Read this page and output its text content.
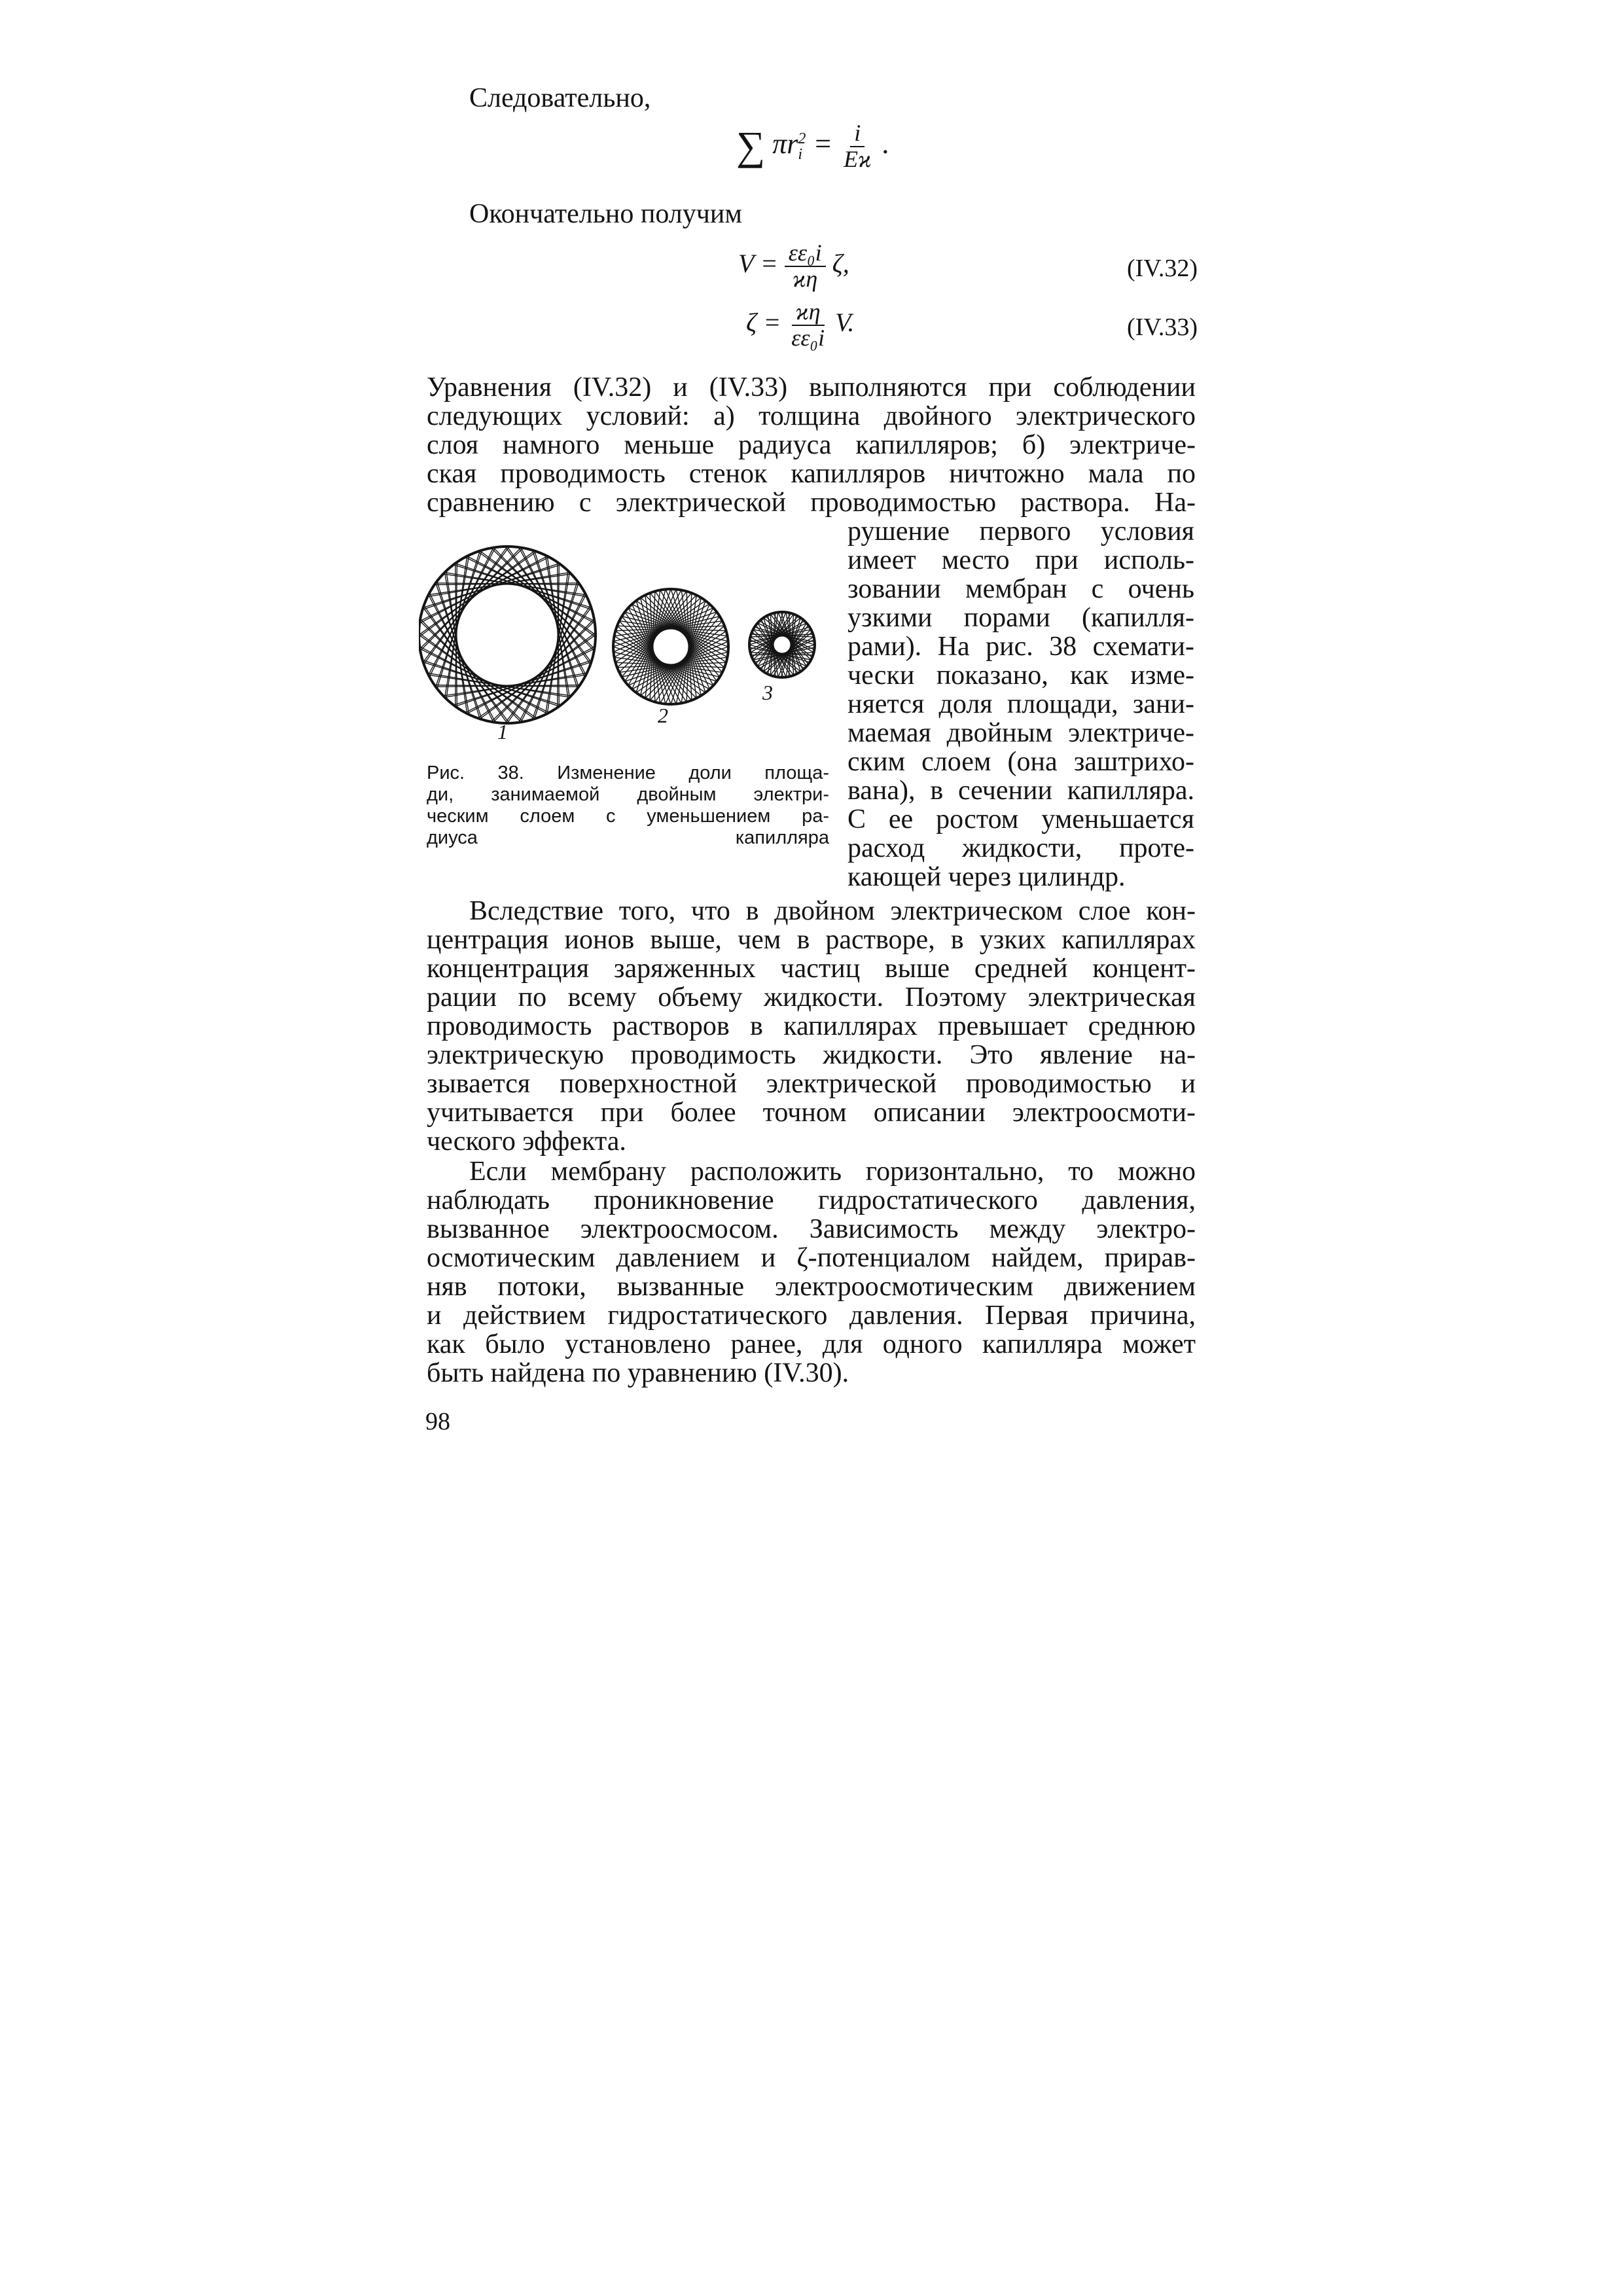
Следовательно,
∑ πr 2
$i = \frac{i}{Eϰ}$ .
Окончательно получим
$V = \frac{\text{εε₀i}}{ϰ\eta} \zeta$,	(IV.32)
$\zeta = \frac{ϰ\eta}{\text{εε₀i}} V$.	(IV.33)
Уравнения (IV.32) и (IV.33) выполняются при соблюдении
следующих условий: а) толщина двойного электрического
слоя намного меньше радиуса капилляров; б) электриче-
ская проводимость стенок капилляров ничтожно мала по
сравнению с электрической проводимостью раствора. На-
рушение первого условия
имеет место при исполь-
зовании мембран с очень
узкими порами (капилля-
рами). На рис. 38 схемати-
чески показано, как изме-
няется доля площади, зани-
маемая двойным электриче-
ским слоем (она заштрихо-
вана), в сечении капилляра.
С ее ростом уменьшается
расход жидкости, проте-
кающей через цилиндр.
1
2
3
Рис. 38. Изменение доли площа-
ди, занимаемой двойным электри-
ческим слоем с уменьшением ра-
диуса капилляра
Вследствие того, что в двойном электрическом слое кон-
центрация ионов выше, чем в растворе, в узких капиллярах
концентрация заряженных частиц выше средней концент-
рации по всему объему жидкости. Поэтому электрическая
проводимость растворов в капиллярах превышает среднюю
электрическую проводимость жидкости. Это явление на-
зывается поверхностной электрической проводимостью и
учитывается при более точном описании электроосмоти-
ческого эффекта.
Если мембрану расположить горизонтально, то можно
наблюдать проникновение гидростатического давления,
вызванное электроосмосом. Зависимость между электро-
осмотическим давлением и ζ-потенциалом найдем, прирав-
няв потоки, вызванные электроосмотическим движением
и действием гидростатического давления. Первая причина,
как было установлено ранее, для одного капилляра может
быть найдена по уравнению (IV.30).
98
